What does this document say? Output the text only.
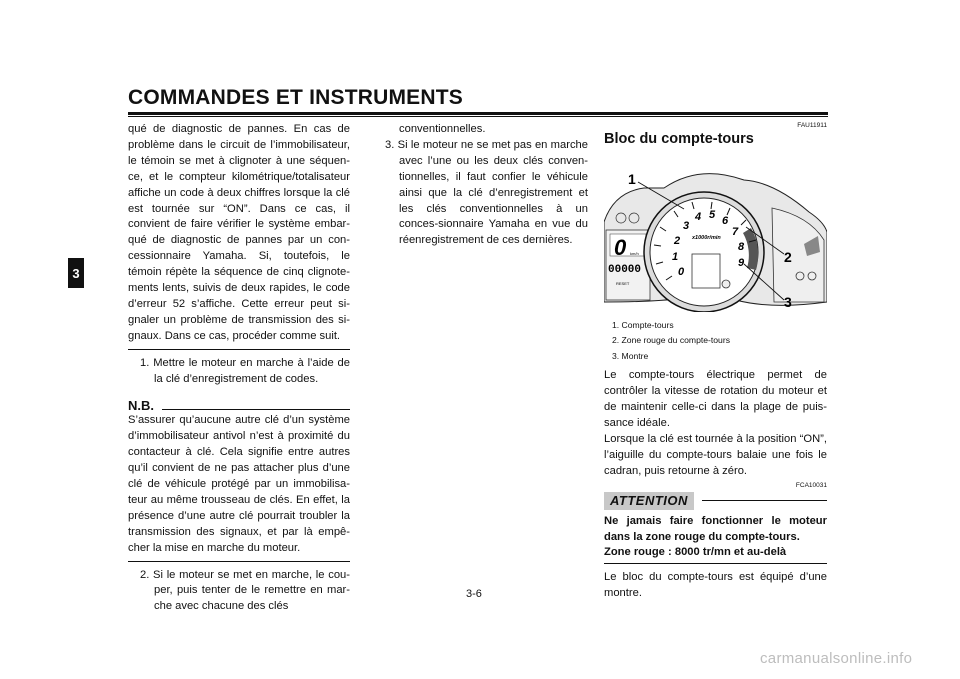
COMMANDES ET INSTRUMENTS
3

qué de diagnostic de pannes. En cas de problème dans le circuit de l’immobilisateur, le témoin se met à clignoter à une séquen-ce, et le compteur kilométrique/totalisateur affiche un code à deux chiffres lorsque la clé est tournée sur “ON”. Dans ce cas, il convient de faire vérifier le système embar-qué de diagnostic de pannes par un con-cessionnaire Yamaha. Si, toutefois, le témoin répète la séquence de cinq clignote-ments lents, suivis de deux rapides, le code d’erreur 52 s’affiche. Cette erreur peut si-gnaler un problème de transmission des si-gnaux. Dans ce cas, procéder comme suit.

1. Mettre le moteur en marche à l’aide de la clé d’enregistrement de codes.

N.B.

S’assurer qu’aucune autre clé d’un système d’immobilisateur antivol n’est à proximité du contacteur à clé. Cela signifie entre autres qu’il convient de ne pas attacher plus d’une clé de véhicule protégé par un immobilisa-teur au même trousseau de clés. En effet, la présence d’une autre clé pourrait troubler la transmission des signaux, et par là empê-cher la mise en marche du moteur.

2. Si le moteur se met en marche, le cou-per, puis tenter de le remettre en mar-che avec chacune des clés

conventionnelles.

3. Si le moteur ne se met pas en marche avec l’une ou les deux clés conven-tionnelles, il faut confier le véhicule ainsi que la clé d’enregistrement et les clés conventionnelles à un conces-sionnaire Yamaha en vue du réenregistrement de ces dernières.

FAU11911
Bloc du compte-tours
0 km/h
00000
RESET
0
1
2
3
4 5 6
7
8
9
x1000r/min
1
2
3
1. Compte-tours
2. Zone rouge du compte-tours
3. Montre

Le compte-tours électrique permet de contrôler la vitesse de rotation du moteur et de maintenir celle-ci dans la plage de puis-sance idéale.

Lorsque la clé est tournée à la position “ON”, l’aiguille du compte-tours balaie une fois le cadran, puis retourne à zéro.

FCA10031
ATTENTION

Ne jamais faire fonctionner le moteur dans la zone rouge du compte-tours.

Zone rouge : 8000 tr/mn et au-delà

Le bloc du compte-tours est équipé d’une montre.

3-6
carmanualsonline.info
